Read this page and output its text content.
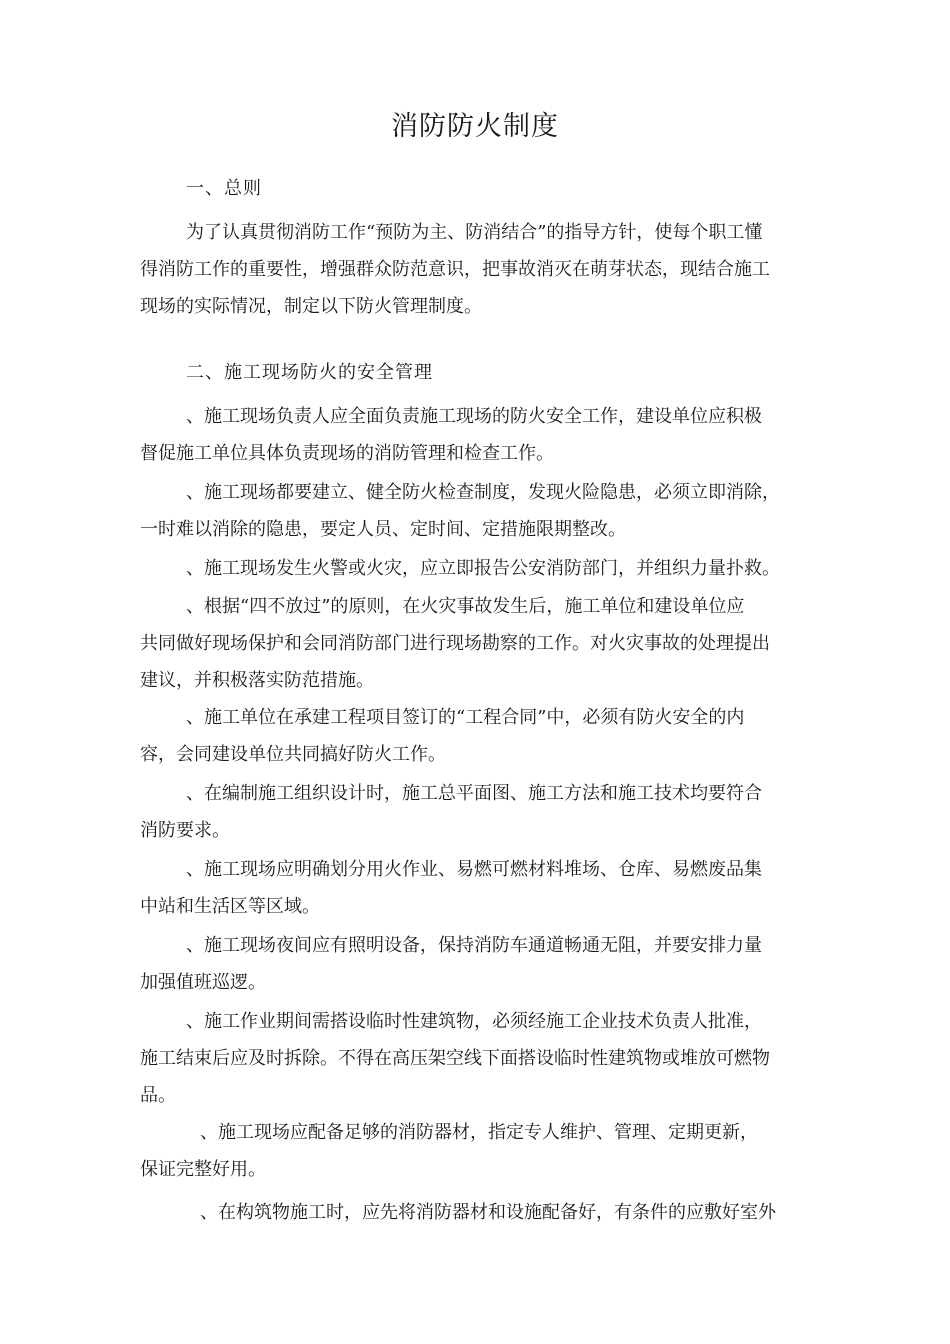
消防防火制度
一、总则
为了认真贯彻消防工作“预防为主、防消结合”的指导方针，使每个职工懂
得消防工作的重要性，增强群众防范意识，把事故消灭在萌芽状态，现结合施工
现场的实际情况，制定以下防火管理制度。
二、施工现场防火的安全管理
、施工现场负责人应全面负责施工现场的防火安全工作，建设单位应积极
督促施工单位具体负责现场的消防管理和检查工作。
、施工现场都要建立、健全防火检查制度，发现火险隐患，必须立即消除，
一时难以消除的隐患，要定人员、定时间、定措施限期整改。
、施工现场发生火警或火灾，应立即报告公安消防部门，并组织力量扑救。
、根据“四不放过”的原则，在火灾事故发生后，施工单位和建设单位应
共同做好现场保护和会同消防部门进行现场勘察的工作。对火灾事故的处理提出
建议，并积极落实防范措施。
、施工单位在承建工程项目签订的“工程合同”中，必须有防火安全的内
容，会同建设单位共同搞好防火工作。
、在编制施工组织设计时，施工总平面图、施工方法和施工技术均要符合
消防要求。
、施工现场应明确划分用火作业、易燃可燃材料堆场、仓库、易燃废品集
中站和生活区等区域。
、施工现场夜间应有照明设备，保持消防车通道畅通无阻，并要安排力量
加强值班巡逻。
、施工作业期间需搭设临时性建筑物，必须经施工企业技术负责人批准，
施工结束后应及时拆除。不得在高压架空线下面搭设临时性建筑物或堆放可燃物
品。
、施工现场应配备足够的消防器材，指定专人维护、管理、定期更新，
保证完整好用。
、在构筑物施工时，应先将消防器材和设施配备好，有条件的应敷好室外
